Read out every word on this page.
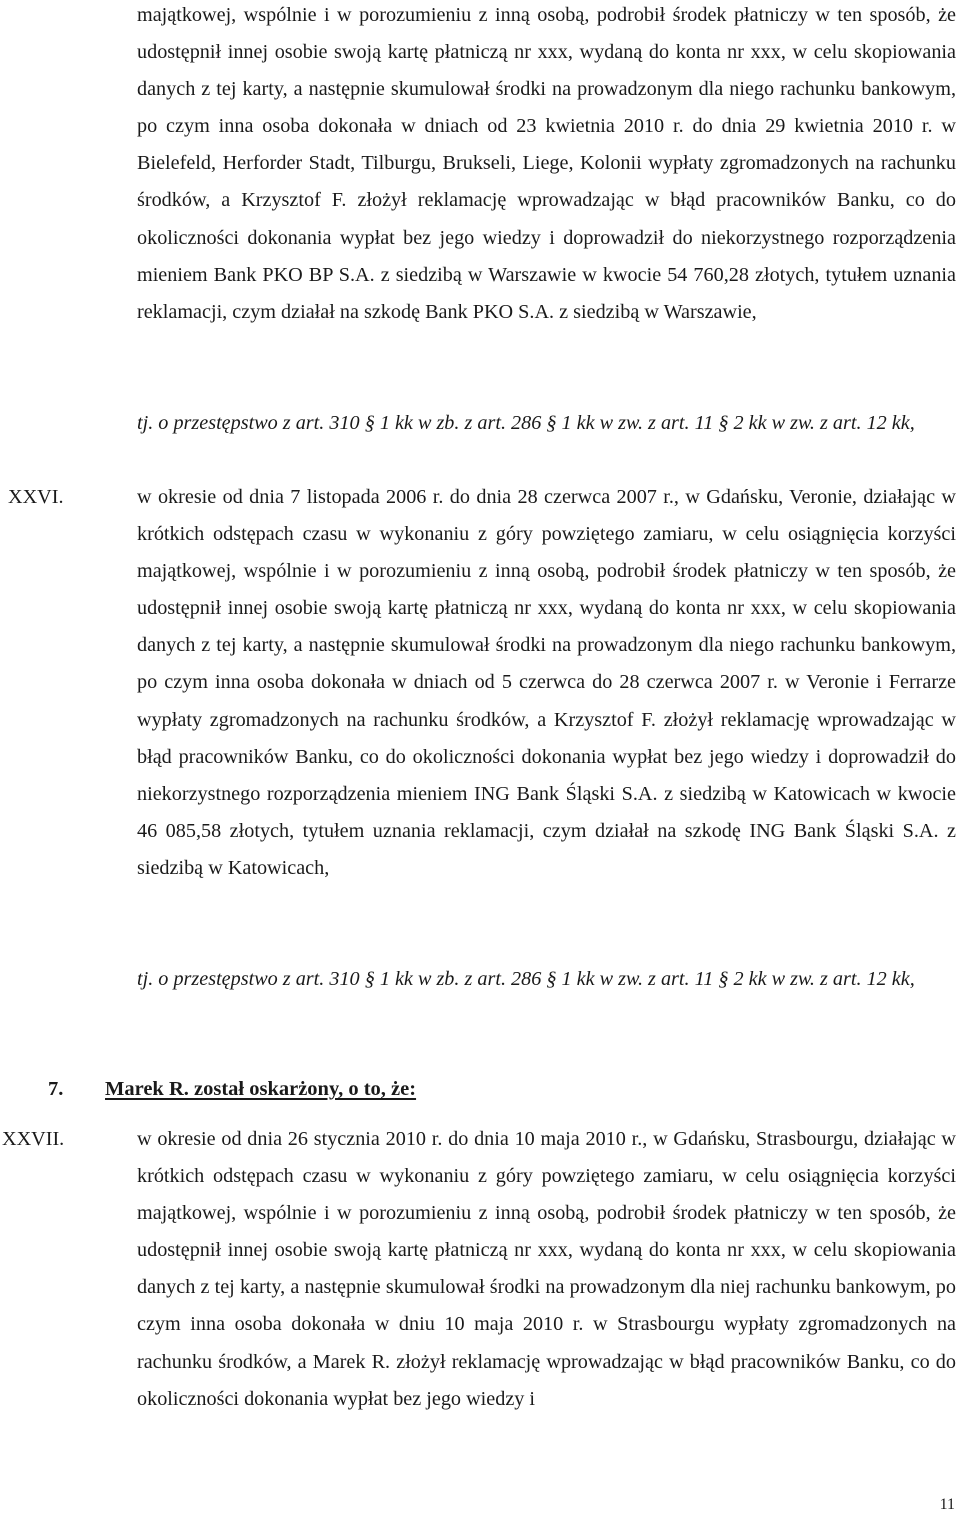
majątkowej, wspólnie i w porozumieniu z inną osobą, podrobił środek płatniczy w ten sposób, że udostępnił innej osobie swoją kartę płatniczą nr xxx, wydaną do konta nr xxx, w celu skopiowania danych z tej karty, a następnie skumulował środki na prowadzonym dla niego rachunku bankowym, po czym inna osoba dokonała w dniach od 23 kwietnia 2010 r. do dnia 29 kwietnia 2010 r. w Bielefeld, Herforder Stadt, Tilburgu, Brukseli, Liege, Kolonii wypłaty zgromadzonych na rachunku środków, a Krzysztof F. złożył reklamację wprowadzając w błąd pracowników Banku, co do okoliczności dokonania wypłat bez jego wiedzy i doprowadził do niekorzystnego rozporządzenia mieniem Bank PKO BP S.A. z siedzibą w Warszawie w kwocie 54 760,28 złotych, tytułem uznania reklamacji, czym działał na szkodę Bank PKO S.A. z siedzibą w Warszawie,

tj. o przestępstwo z art. 310 § 1 kk w zb. z art. 286 § 1 kk w zw. z art. 11 § 2 kk w zw. z art. 12 kk,

XXVI.	w okresie od dnia 7 listopada 2006 r. do dnia 28 czerwca 2007 r., w Gdańsku, Veronie, działając w krótkich odstępach czasu w wykonaniu z góry powziętego zamiaru, w celu osiągnięcia korzyści majątkowej, wspólnie i w porozumieniu z inną osobą, podrobił środek płatniczy w ten sposób, że udostępnił innej osobie swoją kartę płatniczą nr xxx, wydaną do konta nr xxx, w celu skopiowania danych z tej karty, a następnie skumulował środki na prowadzonym dla niego rachunku bankowym, po czym inna osoba dokonała w dniach od 5 czerwca do 28 czerwca 2007 r. w Veronie i Ferrarze wypłaty zgromadzonych na rachunku środków, a Krzysztof F. złożył reklamację wprowadzając w błąd pracowników Banku, co do okoliczności dokonania wypłat bez jego wiedzy i doprowadził do niekorzystnego rozporządzenia mieniem ING Bank Śląski S.A. z siedzibą w Katowicach w kwocie 46 085,58 złotych, tytułem uznania reklamacji, czym działał na szkodę ING Bank Śląski S.A. z siedzibą w Katowicach,

tj. o przestępstwo z art. 310 § 1 kk w zb. z art. 286 § 1 kk w zw. z art. 11 § 2 kk w zw. z art. 12 kk,

7. Marek R. został oskarżony, o to, że:

XXVII.	w okresie od dnia 26 stycznia 2010 r. do dnia 10 maja 2010 r., w Gdańsku, Strasbourgu, działając w krótkich odstępach czasu w wykonaniu z góry powziętego zamiaru, w celu osiągnięcia korzyści majątkowej, wspólnie i w porozumieniu z inną osobą, podrobił środek płatniczy w ten sposób, że udostępnił innej osobie swoją kartę płatniczą nr xxx, wydaną do konta nr xxx, w celu skopiowania danych z tej karty, a następnie skumulował środki na prowadzonym dla niej rachunku bankowym, po czym inna osoba dokonała w dniu 10 maja 2010 r. w Strasbourgu wypłaty zgromadzonych na rachunku środków, a Marek R. złożył reklamację wprowadzając w błąd pracowników Banku, co do okoliczności dokonania wypłat bez jego wiedzy i

11
